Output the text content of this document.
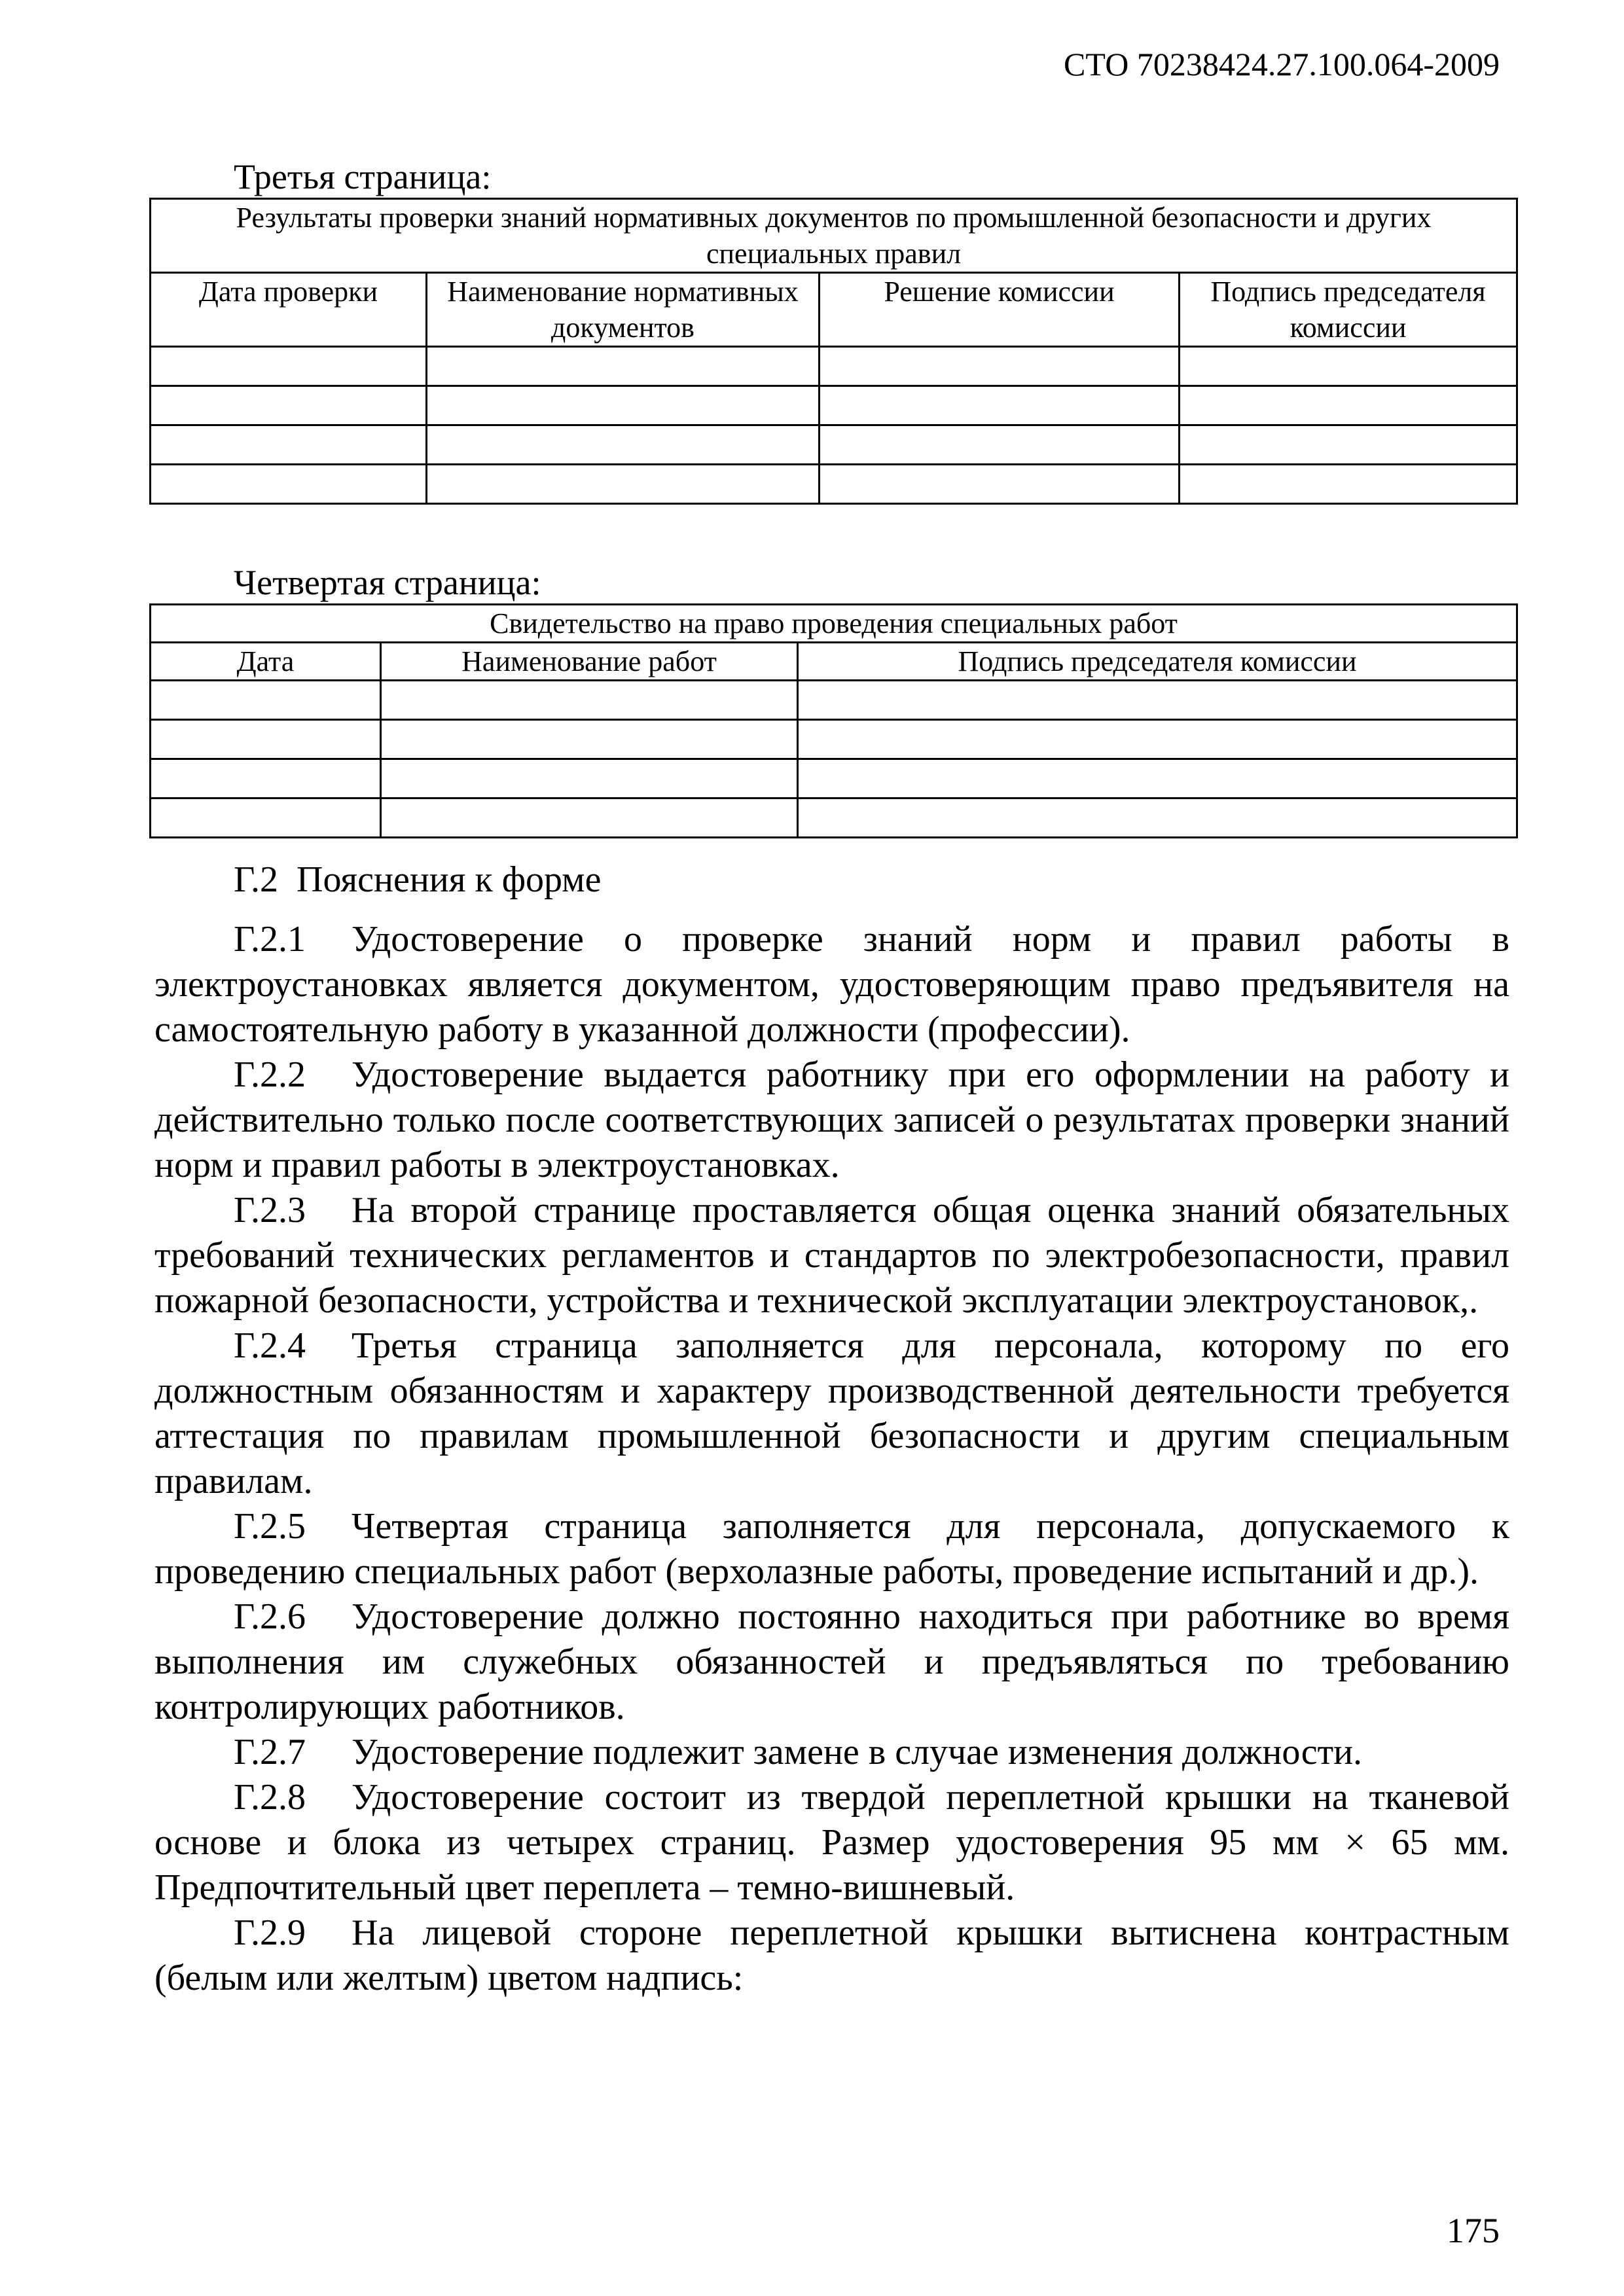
СТО 70238424.27.100.064-2009
Третья страница:
Результаты проверки знаний нормативных документов по промышленной безопасности и других специальных правил			
Дата проверки	Наименование нормативных документов	Решение комиссии	Подпись председателя комиссии

Четвертая страница:
Свидетельство на право проведения специальных работ		
Дата	Наименование работ	Подпись председателя комиссии

Г.2 Пояснения к форме

Г.2.1 Удостоверение о проверке знаний норм и правил работы в электроустановках является документом, удостоверяющим право предъявителя на самостоятельную работу в указанной должности (профессии).

Г.2.2 Удостоверение выдается работнику при его оформлении на работу и действительно только после соответствующих записей о результатах проверки знаний норм и правил работы в электроустановках.

Г.2.3 На второй странице проставляется общая оценка знаний обязательных требований технических регламентов и стандартов по электробезопасности, правил пожарной безопасности, устройства и технической эксплуатации электроустановок,.

Г.2.4 Третья страница заполняется для персонала, которому по его должностным обязанностям и характеру производственной деятельности требуется аттестация по правилам промышленной безопасности и другим специальным правилам.

Г.2.5 Четвертая страница заполняется для персонала, допускаемого к проведению специальных работ (верхолазные работы, проведение испытаний и др.).

Г.2.6 Удостоверение должно постоянно находиться при работнике во время выполнения им служебных обязанностей и предъявляться по требованию контролирующих работников.

Г.2.7 Удостоверение подлежит замене в случае изменения должности.

Г.2.8 Удостоверение состоит из твердой переплетной крышки на тканевой основе и блока из четырех страниц. Размер удостоверения 95 мм × 65 мм. Предпочтительный цвет переплета – темно-вишневый.

Г.2.9 На лицевой стороне переплетной крышки вытиснена контрастным (белым или желтым) цветом надпись:

175
